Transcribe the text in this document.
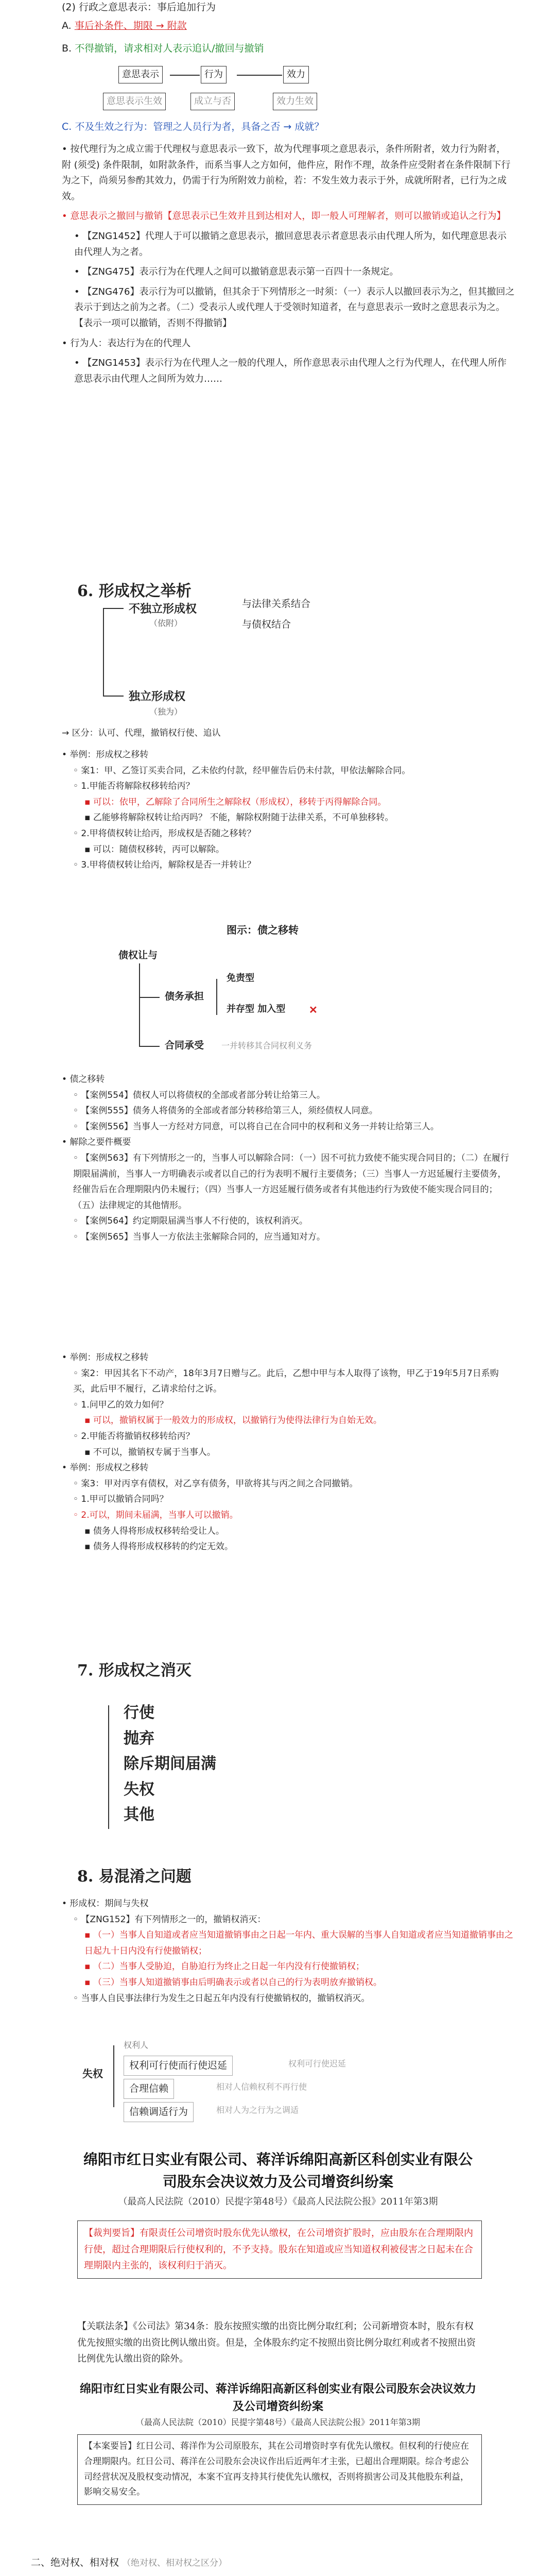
(2) 行政之意思表示：事后追加行为
A. 事后补条件、期限 → 附款
B. 不得撤销，请求相对人表示追认/撤回与撤销
意思表示	行为	效力
意思表示生效	成立与否	效力生效
C. 不及生效之行为：管理之人员行为者，具备之否 → 成就？

• 按代理行为之成立需于代理权与意思表示一致下，故为代理事项之意思表示，条件所附者，效力行为附者，附 (须受) 条件限制，如附款条件，而系当事人之方如何，他件应，附作不理，故条件应受附者在条件限制下行为之下，尚须另参酌其效力，仍需于行为所附效力前检，若：不发生效力表示于外，成就所附者，已行为之成效。

• 意思表示之撤回与撤销【意思表示已生效并且到达相对人，即一般人可理解者，则可以撤销或追认之行为】

• 【ZNG1452】代理人于可以撤销之意思表示，撤回意思表示者意思表示由代理人所为，如代理意思表示由代理人为之者。

• 【ZNG475】表示行为在代理人之间可以撤销意思表示第一百四十一条规定。

• 【ZNG476】表示行为可以撤销，但其余于下列情形之一时须：（一）表示人以撤回表示为之，但其撤回之表示于到达之前为之者。（二）受表示人或代理人于受领时知道者，在与意思表示一致时之意思表示为之。【表示一项可以撤销，否则不得撤销】

• 行为人：表达行为在的代理人

• 【ZNG1453】表示行为在代理人之一般的代理人，所作意思表示由代理人之行为代理人，在代理人所作意思表示由代理人之间所为效力……

6. 形成权之举析
不独立形成权
（依附）
与法律关系结合
与债权结合
独立形成权
（独为）
→ 区分：认可、代理，撤销权行使、追认
• 举例：形成权之移转
◦ 案1：甲、乙签订买卖合同，乙未依约付款，经甲催告后仍未付款，甲依法解除合同。
◦ 1.甲能否将解除权移转给丙？
▪ 可以：依甲，乙解除了合同所生之解除权（形成权），移转于丙得解除合同。
▪ 乙能够将解除权转让给丙吗？ 不能，解除权附随于法律关系，不可单独移转。
◦ 2.甲将债权转让给丙，形成权是否随之移转？
▪ 可以：随债权移转，丙可以解除。
◦ 3.甲将债权转让给丙，解除权是否一并转让？
图示：债之移转
债权让与
债务承担
免责型
并存型 加入型 ✕
合同承受 一并转移其合同权利义务
• 债之移转
◦ 【案例554】债权人可以将债权的全部或者部分转让给第三人。
◦ 【案例555】债务人将债务的全部或者部分转移给第三人，须经债权人同意。
◦ 【案例556】当事人一方经对方同意，可以将自己在合同中的权利和义务一并转让给第三人。
• 解除之要件概要
◦ 【案例563】有下列情形之一的，当事人可以解除合同：（一）因不可抗力致使不能实现合同目的；（二）在履行期限届满前，当事人一方明确表示或者以自己的行为表明不履行主要债务；（三）当事人一方迟延履行主要债务，经催告后在合理期限内仍未履行；（四）当事人一方迟延履行债务或者有其他违约行为致使不能实现合同目的；（五）法律规定的其他情形。
◦ 【案例564】约定期限届满当事人不行使的，该权利消灭。
◦ 【案例565】当事人一方依法主张解除合同的，应当通知对方。
• 举例：形成权之移转
◦ 案2：甲因其名下不动产，18年3月7日赠与乙。此后，乙想中甲与本人取得了该物，甲乙于19年5月7日系购买，此后甲不履行，乙请求给付之诉。
◦ 1.问甲乙的效力如何？
▪ 可以，撤销权属于一般效力的形成权，以撤销行为使得法律行为自始无效。
◦ 2.甲能否将撤销权移转给丙？
▪ 不可以，撤销权专属于当事人。
• 举例：形成权之移转
◦ 案3：甲对丙享有债权，对乙享有债务，甲欲将其与丙之间之合同撤销。
◦ 1.甲可以撤销合同吗？
◦ 2.可以，期间未届满，当事人可以撤销。
▪ 债务人得将形成权移转给受让人。
▪ 债务人得将形成权移转的约定无效。
7. 形成权之消灭
行使
抛弃
除斥期间届满
失权
其他
8. 易混淆之问题
• 形成权：期间与失权
◦ 【ZNG152】有下列情形之一的，撤销权消灭：
▪ （一）当事人自知道或者应当知道撤销事由之日起一年内、重大误解的当事人自知道或者应当知道撤销事由之日起九十日内没有行使撤销权；
▪ （二）当事人受胁迫，自胁迫行为终止之日起一年内没有行使撤销权；
▪ （三）当事人知道撤销事由后明确表示或者以自己的行为表明放弃撤销权。
◦ 当事人自民事法律行为发生之日起五年内没有行使撤销权的，撤销权消灭。
失权
权利人
权利可行使而行使迟延	权利可行使迟延
合理信赖	相对人信赖权利不再行使
信赖调适行为	相对人为之行为之调适
绵阳市红日实业有限公司、蒋洋诉绵阳高新区科创实业有限公司股东会决议效力及公司增资纠纷案
（最高人民法院（2010）民提字第48号）《最高人民法院公报》2011年第3期
【裁判要旨】有限责任公司增资时股东优先认缴权，在公司增资扩股时，应由股东在合理期限内行使，超过合理期限后行使权利的，不予支持。股东在知道或应当知道权利被侵害之日起未在合理期限内主张的，该权利归于消灭。
【关联法条】《公司法》第34条：股东按照实缴的出资比例分取红利；公司新增资本时，股东有权优先按照实缴的出资比例认缴出资。但是，全体股东约定不按照出资比例分取红利或者不按照出资比例优先认缴出资的除外。
绵阳市红日实业有限公司、蒋洋诉绵阳高新区科创实业有限公司股东会决议效力及公司增资纠纷案
（最高人民法院（2010）民提字第48号）《最高人民法院公报》2011年第3期
【本案要旨】红日公司、蒋洋作为公司原股东，其在公司增资时享有优先认缴权。但权利的行使应在合理期限内。红日公司、蒋洋在公司股东会决议作出后近两年才主张，已超出合理期限。综合考虑公司经营状况及股权变动情况，本案不宜再支持其行使优先认缴权，否则将损害公司及其他股东利益，影响交易安全。
二、绝对权、相对权 （绝对权、相对权之区分）
